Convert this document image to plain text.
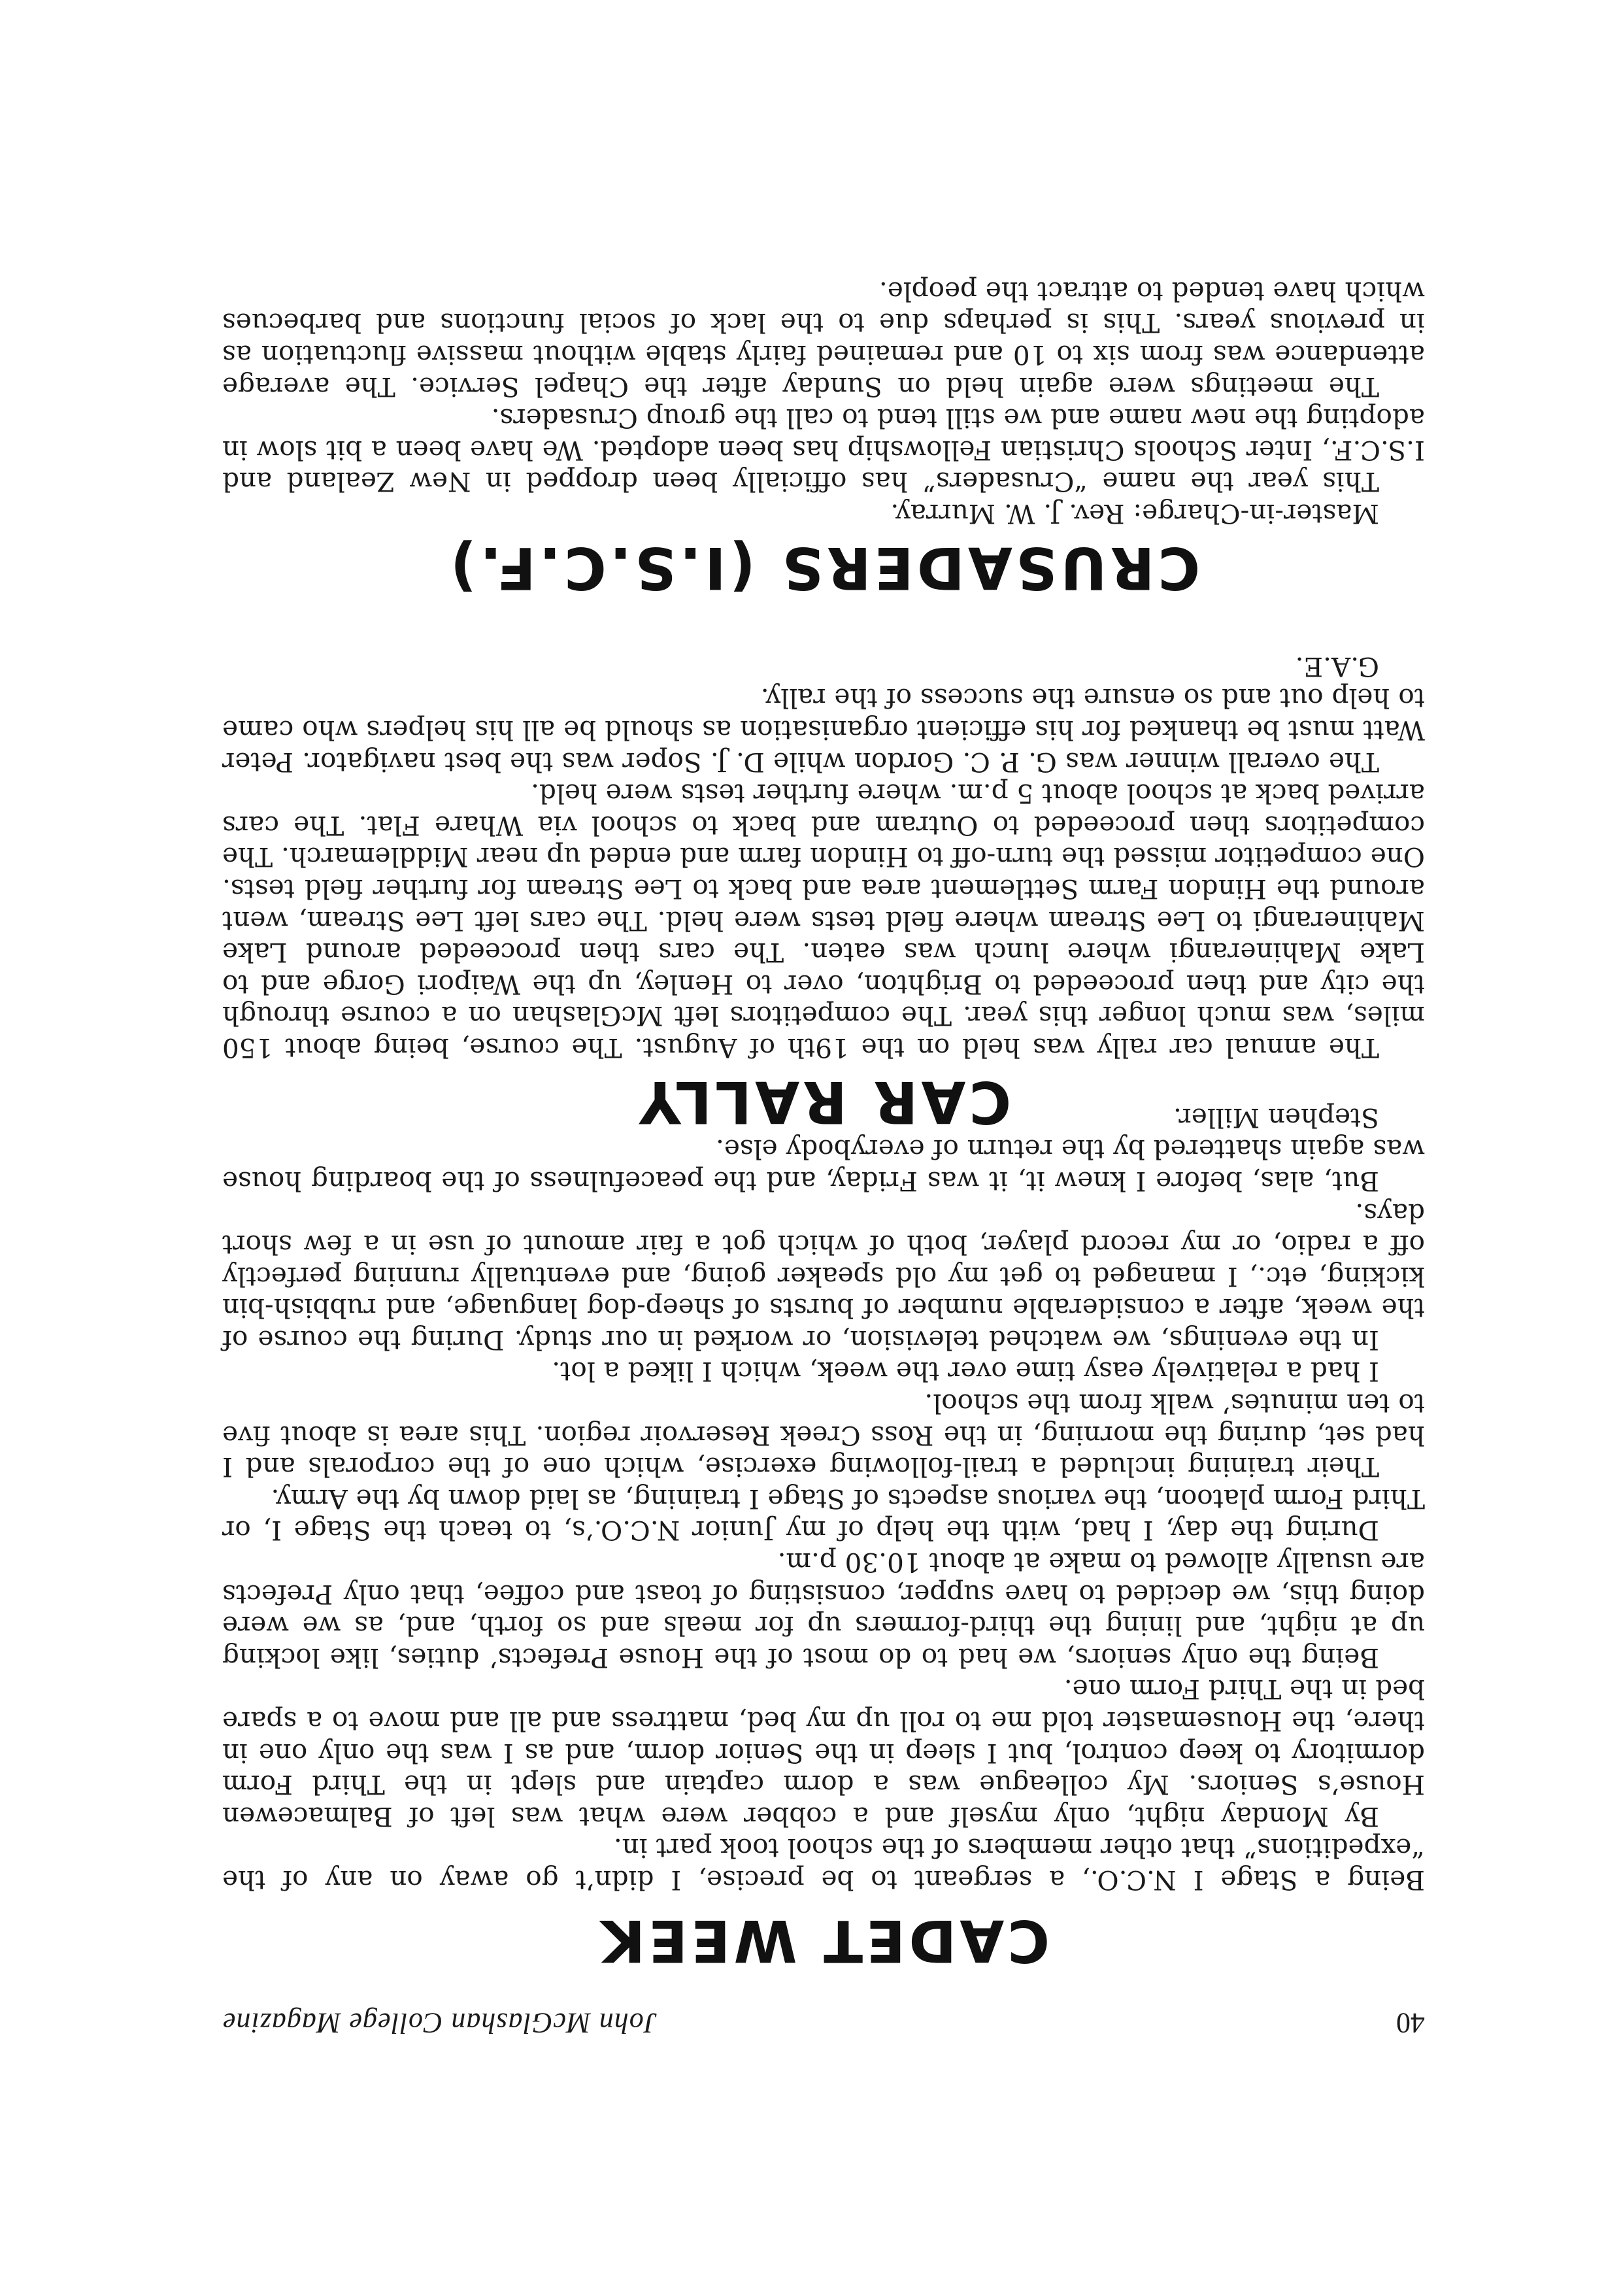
40
John McGlashan College Magazine
CADET WEEK

Being a Stage I N.C.O., a sergeant to be precise, I didn’t go away on any of the “expeditions” that other members of the school took part in.

By Monday night, only myself and a cobber were what was left of Balmacewen House’s Seniors. My colleague was a dorm captain and slept in the Third Form dormitory to keep control, but I sleep in the Senior dorm, and as I was the only one in there, the Housemaster told me to roll up my bed, mattress and all and move to a spare bed in the Third Form one.

Being the only seniors, we had to do most of the House Prefects’ duties, like locking up at night, and lining the third-formers up for meals and so forth, and, as we were doing this, we decided to have supper, consisting of toast and coffee, that only Prefects are usually allowed to make at about 10.30 p.m.

During the day, I had, with the help of my Junior N.C.O.’s, to teach the Stage I, or Third Form platoon, the various aspects of Stage I training, as laid down by the Army.

Their training included a trail-following exercise, which one of the corporals and I had set, during the morning, in the Ross Creek Reservoir region. This area is about five to ten minutes’ walk from the school.

I had a relatively easy time over the week, which I liked a lot.

In the evenings, we watched television, or worked in our study. During the course of the week, after a considerable number of bursts of sheep-dog language, and rubbish-bin kicking, etc., I managed to get my old speaker going, and eventually running perfectly off a radio, or my record player, both of which got a fair amount of use in a few short days.

But, alas, before I knew it, it was Friday, and the peacefulness of the boarding house was again shattered by the return of everybody else.

Stephen Miller.

CAR RALLY

The annual car rally was held on the 19th of August. The course, being about 150 miles, was much longer this year. The competitors left McGlashan on a course through the city and then proceeded to Brighton, over to Henley, up the Waipori Gorge and to Lake Mahinerangi where lunch was eaten. The cars then proceeded around Lake Mahinerangi to Lee Stream where field tests were held. The cars left Lee Stream, went around the Hindon Farm Settlement area and back to Lee Stream for further field tests. One competitor missed the turn-off to Hindon farm and ended up near Middlemarch. The competitors then proceeded to Outram and back to school via Whare Flat. The cars arrived back at school about 5 p.m. where further tests were held.

The overall winner was G. P. C. Gordon while D. J. Soper was the best navigator. Peter Watt must be thanked for his efficient organisation as should be all his helpers who came to help out and so ensure the success of the rally.

G.A.E.

CRUSADERS (I.S.C.F.)

Master-in-Charge: Rev. J. W. Murray.

This year the name “Crusaders” has officially been dropped in New Zealand and I.S.C.F., Inter Schools Christian Fellowship has been adopted. We have been a bit slow in adopting the new name and we still tend to call the group Crusaders.

The meetings were again held on Sunday after the Chapel Service. The average attendance was from six to 10 and remained fairly stable without massive fluctuation as in previous years. This is perhaps due to the lack of social functions and barbecues which have tended to attract the people.
